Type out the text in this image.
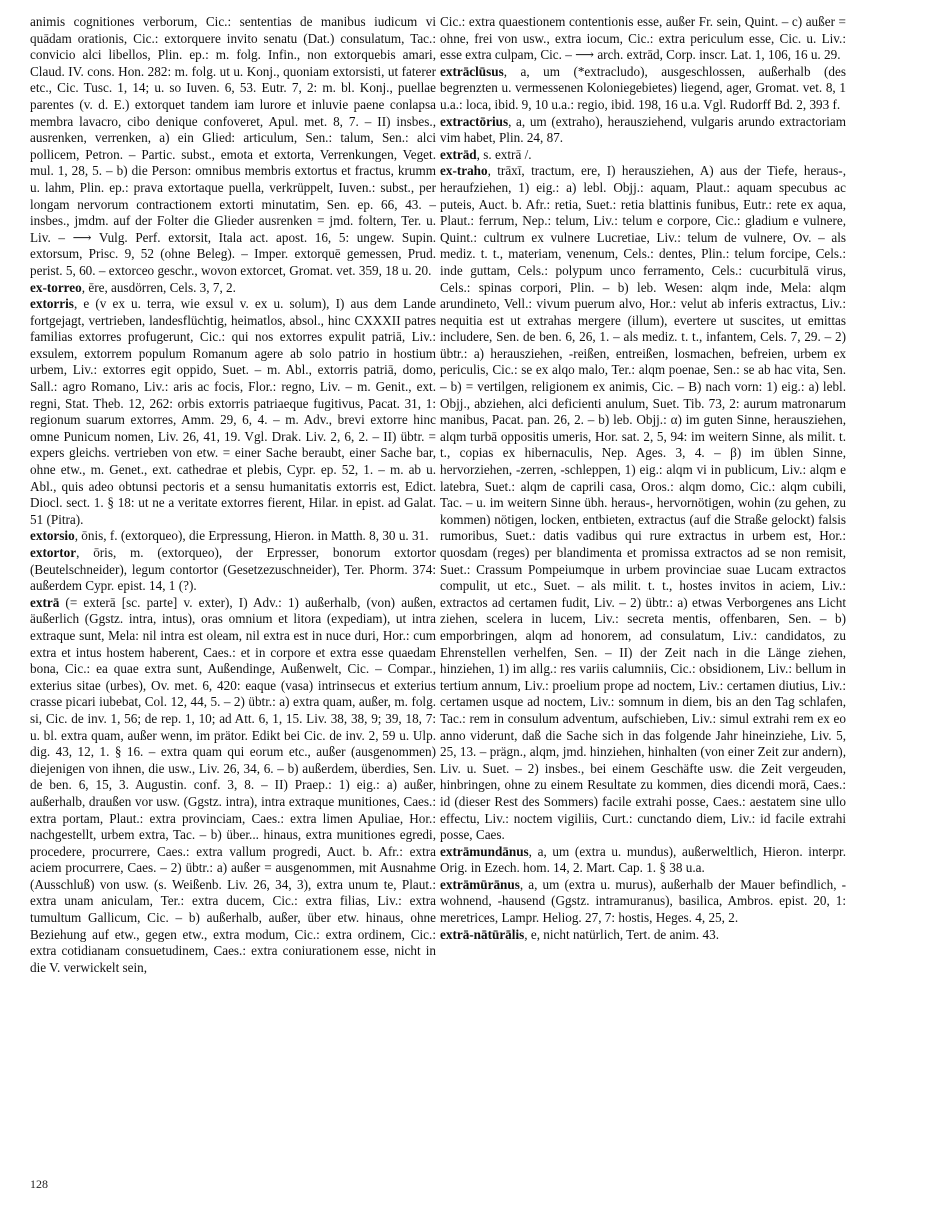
animis cognitiones verborum, Cic.: sententias de manibus iudicum vi quādam orationis, Cic.: extorquere invito senatu (Dat.) consulatum, Tac.: convicio alci libellos, Plin. ep.: m. folg. Infin., non extorquebis amari, Claud. IV. cons. Hon. 282: m. folg. ut u. Konj., quoniam extorsisti, ut faterer etc., Cic. Tusc. 1, 14; u. so Iuven. 6, 53. Eutr. 7, 2: m. bl. Konj., puellae parentes (v. d. E.) extorquet tandem iam lurore et inluvie paene conlapsa membra lavacro, cibo denique confoveret, Apul. met. 8, 7. – II) insbes., ausrenken, verrenken, a) ein Glied: articulum, Sen.: talum, Sen.: alci pollicem, Petron. – Partic. subst., emota et extorta, Verrenkungen, Veget. mul. 1, 28, 5. – b) die Person: omnibus membris extortus et fractus, krumm u. lahm, Plin. ep.: prava extortaque puella, verkrüppelt, Iuven.: subst., per longam nervorum contractionem extorti minutatim, Sen. ep. 66, 43. – insbes., jmdm. auf der Folter die Glieder ausrenken = jmd. foltern, Ter. u. Liv. – ⟶ Vulg. Perf. extorsit, Itala act. apost. 16, 5: ungew. Supin. extorsum, Prisc. 9, 52 (ohne Beleg). – Imper. extorquē gemessen, Prud. perist. 5, 60. – extorceo geschr., wovon extorcet, Gromat. vet. 359, 18 u. 20.

ex-torreo, ēre, ausdörren, Cels. 3, 7, 2.

extorris, e (v ex u. terra, wie exsul v. ex u. solum), I) aus dem Lande fortgejagt, vertrieben, landesflüchtig, heimatlos, absol., hinc CXXXII patres familias extorres profugerunt, Cic.: qui nos extorres expulit patriā, Liv.: exsulem, extorrem populum Romanum agere ab solo patrio in hostium urbem, Liv.: extorres egit oppido, Suet. – m. Abl., extorris patriā, domo, Sall.: agro Romano, Liv.: aris ac focis, Flor.: regno, Liv. – m. Genit., ext. regni, Stat. Theb. 12, 262: orbis extorris patriaeque fugitivus, Pacat. 31, 1: regionum suarum extorres, Amm. 29, 6, 4. – m. Adv., brevi extorre hinc omne Punicum nomen, Liv. 26, 41, 19. Vgl. Drak. Liv. 2, 6, 2. – II) übtr. = expers gleichs. vertrieben von etw. = einer Sache beraubt, einer Sache bar, ohne etw., m. Genet., ext. cathedrae et plebis, Cypr. ep. 52, 1. – m. ab u. Abl., quis adeo obtunsi pectoris et a sensu humanitatis extorris est, Edict. Diocl. sect. 1. § 18: ut ne a veritate extorres fierent, Hilar. in epist. ad Galat. 51 (Pitra).

extorsio, ōnis, f. (extorqueo), die Erpressung, Hieron. in Matth. 8, 30 u. 31.

extortor, ōris, m. (extorqueo), der Erpresser, bonorum extortor (Beutelschneider), legum contortor (Gesetzezuschneider), Ter. Phorm. 374: außerdem Cypr. epist. 14, 1 (?).

extrā (= exterā [sc. parte] v. exter), I) Adv.: 1) außerhalb, (von) außen, äußerlich (Ggstz. intra, intus), oras omnium et litora (expediam), ut intra extraque sunt, Mela: nil intra est oleam, nil extra est in nuce duri, Hor.: cum extra et intus hostem haberent, Caes.: et in corpore et extra esse quaedam bona, Cic.: ea quae extra sunt, Außendinge, Außenwelt, Cic. – Compar., exterius sitae (urbes), Ov. met. 6, 420: eaque (vasa) intrinsecus et exterius crasse picari iubebat, Col. 12, 44, 5. – 2) übtr.: a) extra quam, außer, m. folg. si, Cic. de inv. 1, 56; de rep. 1, 10; ad Att. 6, 1, 15. Liv. 38, 38, 9; 39, 18, 7: u. bl. extra quam, außer wenn, im prätor. Edikt bei Cic. de inv. 2, 59 u. Ulp. dig. 43, 12, 1. § 16. – extra quam qui eorum etc., außer (ausgenommen) diejenigen von ihnen, die usw., Liv. 26, 34, 6. – b) außerdem, überdies, Sen. de ben. 6, 15, 3. Augustin. conf. 3, 8. – II) Praep.: 1) eig.: a) außer, außerhalb, draußen vor usw. (Ggstz. intra), intra extraque munitiones, Caes.: extra portam, Plaut.: extra provinciam, Caes.: extra limen Apuliae, Hor.: nachgestellt, urbem extra, Tac. – b) über... hinaus, extra munitiones egredi, procedere, procurrere, Caes.: extra vallum progredi, Auct. b. Afr.: extra aciem procurrere, Caes. – 2) übtr.: a) außer = ausgenommen, mit Ausnahme (Ausschluß) von usw. (s. Weißenb. Liv. 26, 34, 3), extra unum te, Plaut.: extra unam aniculam, Ter.: extra ducem, Cic.: extra filias, Liv.: extra tumultum Gallicum, Cic. – b) außerhalb, außer, über etw. hinaus, ohne Beziehung auf etw., gegen etw., extra modum, Cic.: extra ordinem, Cic.: extra cotidianam consuetudinem, Caes.: extra coniurationem esse, nicht in die V. verwickelt sein,

Cic.: extra quaestionem contentionis esse, außer Fr. sein, Quint. – c) außer = ohne, frei von usw., extra iocum, Cic.: extra periculum esse, Cic. u. Liv.: esse extra culpam, Cic. – ⟶ arch. extrād, Corp. inscr. Lat. 1, 106, 16 u. 29.

extrāclūsus, a, um (*extracludo), ausgeschlossen, außerhalb (des begrenzten u. vermessenen Koloniegebietes) liegend, ager, Gromat. vet. 8, 1 u.a.: loca, ibid. 9, 10 u.a.: regio, ibid. 198, 16 u.a. Vgl. Rudorff Bd. 2, 393 f.

extractōrius, a, um (extraho), herausziehend, vulgaris arundo extractoriam vim habet, Plin. 24, 87.

extrād, s. extrā /.

ex-traho, trāxī, tractum, ere, I) herausziehen, A) aus der Tiefe, heraus-, heraufziehen, 1) eig.: a) lebl. Objj.: aquam, Plaut.: aquam specubus ac puteis, Auct. b. Afr.: retia, Suet.: retia blattinis funibus, Eutr.: rete ex aqua, Plaut.: ferrum, Nep.: telum, Liv.: telum e corpore, Cic.: gladium e vulnere, Quint.: cultrum ex vulnere Lucretiae, Liv.: telum de vulnere, Ov. – als mediz. t. t., materiam, venenum, Cels.: dentes, Plin.: telum forcipe, Cels.: inde guttam, Cels.: polypum unco ferramento, Cels.: cucurbitulā virus, Cels.: spinas corpori, Plin. – b) leb. Wesen: alqm inde, Mela: alqm arundineto, Vell.: vivum puerum alvo, Hor.: velut ab inferis extractus, Liv.: nequitia est ut extrahas mergere (illum), evertere ut suscites, ut emittas includere, Sen. de ben. 6, 26, 1. – als mediz. t. t., infantem, Cels. 7, 29. – 2) übtr.: a) herausziehen, -reißen, entreißen, losmachen, befreien, urbem ex periculis, Cic.: se ex alqo malo, Ter.: alqm poenae, Sen.: se ab hac vita, Sen. – b) = vertilgen, religionem ex animis, Cic. – B) nach vorn: 1) eig.: a) lebl. Objj., abziehen, alci deficienti anulum, Suet. Tib. 73, 2: aurum matronarum manibus, Pacat. pan. 26, 2. – b) leb. Objj.: α) im guten Sinne, herausziehen, alqm turbā oppositis umeris, Hor. sat. 2, 5, 94: im weitern Sinne, als milit. t. t., copias ex hibernaculis, Nep. Ages. 3, 4. – β) im üblen Sinne, hervorziehen, -zerren, -schleppen, 1) eig.: alqm vi in publicum, Liv.: alqm e latebra, Suet.: alqm de caprili casa, Oros.: alqm domo, Cic.: alqm cubili, Tac. – u. im weitern Sinne übh. heraus-, hervornötigen, wohin (zu gehen, zu kommen) nötigen, locken, entbieten, extractus (auf die Straße gelockt) falsis rumoribus, Suet.: datis vadibus qui rure extractus in urbem est, Hor.: quosdam (reges) per blandimenta et promissa extractos ad se non remisit, Suet.: Crassum Pompeiumque in urbem provinciae suae Lucam extractos compulit, ut etc., Suet. – als milit. t. t., hostes invitos in aciem, Liv.: extractos ad certamen fudit, Liv. – 2) übtr.: a) etwas Verborgenes ans Licht ziehen, scelera in lucem, Liv.: secreta mentis, offenbaren, Sen. – b) emporbringen, alqm ad honorem, ad consulatum, Liv.: candidatos, zu Ehrenstellen verhelfen, Sen. – II) der Zeit nach in die Länge ziehen, hinziehen, 1) im allg.: res variis calumniis, Cic.: obsidionem, Liv.: bellum in tertium annum, Liv.: proelium prope ad noctem, Liv.: certamen diutius, Liv.: certamen usque ad noctem, Liv.: somnum in diem, bis an den Tag schlafen, Tac.: rem in consulum adventum, aufschieben, Liv.: simul extrahi rem ex eo anno viderunt, daß die Sache sich in das folgende Jahr hineinziehe, Liv. 5, 25, 13. – prägn., alqm, jmd. hinziehen, hinhalten (von einer Zeit zur andern), Liv. u. Suet. – 2) insbes., bei einem Geschäfte usw. die Zeit vergeuden, hinbringen, ohne zu einem Resultate zu kommen, dies dicendi morā, Caes.: id (dieser Rest des Sommers) facile extrahi posse, Caes.: aestatem sine ullo effectu, Liv.: noctem vigiliis, Curt.: cunctando diem, Liv.: id facile extrahi posse, Caes.

extrāmundānus, a, um (extra u. mundus), außerweltlich, Hieron. interpr. Orig. in Ezech. hom. 14, 2. Mart. Cap. 1. § 38 u.a.

extrāmūrānus, a, um (extra u. murus), außerhalb der Mauer befindlich, -wohnend, -hausend (Ggstz. intramuranus), basilica, Ambros. epist. 20, 1: meretrices, Lampr. Heliog. 27, 7: hostis, Heges. 4, 25, 2.

extrā-nātūrālis, e, nicht natürlich, Tert. de anim. 43.

128
